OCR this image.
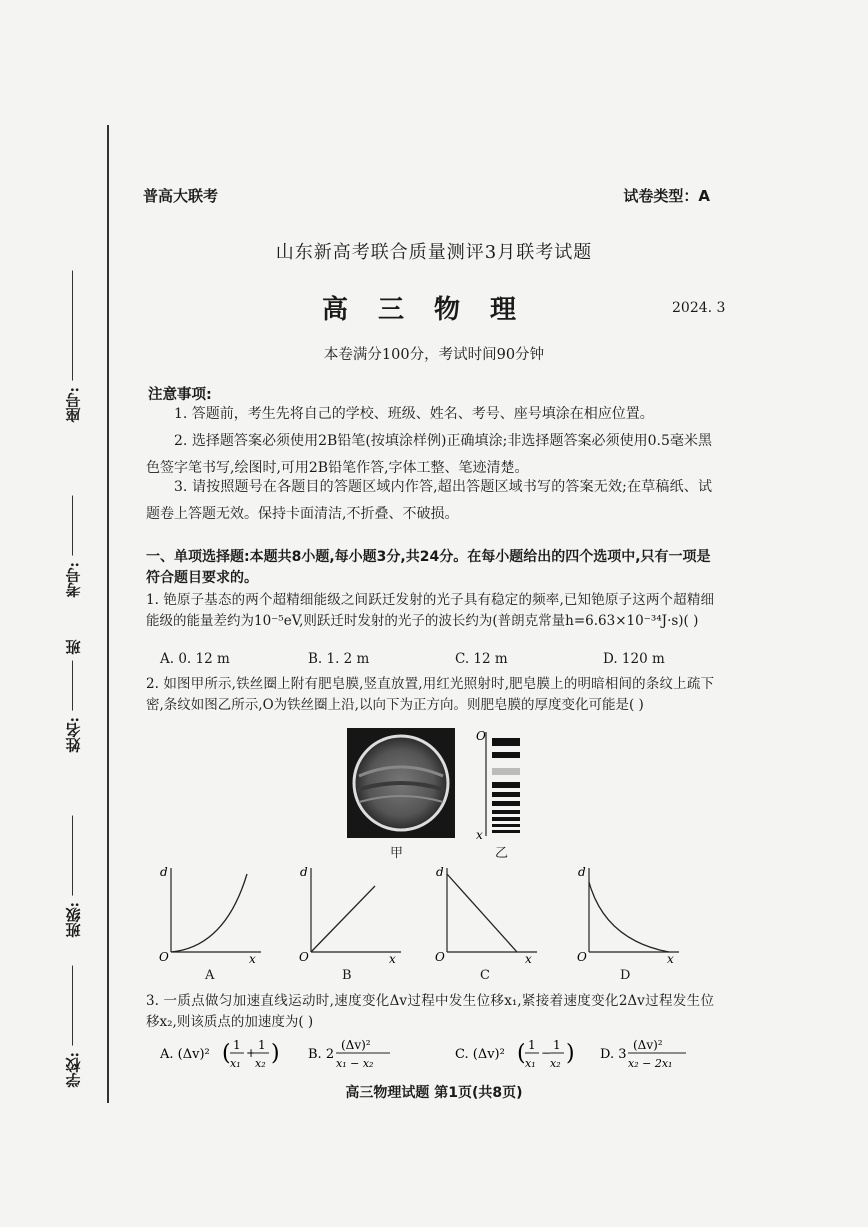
座号:
考号:
姓名:
班
班级:
学校:
普高大联考	试卷类型：A
山东新高考联合质量测评3月联考试题
高三物理	2024. 3
本卷满分100分，考试时间90分钟
注意事项:
1. 答题前，考生先将自己的学校、班级、姓名、考号、座号填涂在相应位置。
2. 选择题答案必须使用2B铅笔(按填涂样例)正确填涂;非选择题答案必须使用0.5毫米黑色签字笔书写,绘图时,可用2B铅笔作答,字体工整、笔迹清楚。
3. 请按照题号在各题目的答题区域内作答,超出答题区域书写的答案无效;在草稿纸、试题卷上答题无效。保持卡面清洁,不折叠、不破损。
一、单项选择题:本题共8小题,每小题3分,共24分。在每小题给出的四个选项中,只有一项是符合题目要求的。
1. 铯原子基态的两个超精细能级之间跃迁发射的光子具有稳定的频率,已知铯原子这两个超精细能级的能量差约为10⁻⁵eV,则跃迁时发射的光子的波长约为(普朗克常量h=6.63×10⁻³⁴J·s)( )
A. 0. 12 m	B. 1. 2 m	C. 12 m	D. 120 m
2. 如图甲所示,铁丝圈上附有肥皂膜,竖直放置,用红光照射时,肥皂膜上的明暗相间的条纹上疏下密,条纹如图乙所示,O为铁丝圈上沿,以向下为正方向。则肥皂膜的厚度变化可能是( )
甲
O
x
乙
d
x
O
A
d
x
O
B
d
x
O
C
d
x
O
D
3. 一质点做匀加速直线运动时,速度变化Δv过程中发生位移x₁,紧接着速度变化2Δv过程发生位移x₂,则该质点的加速度为( )
A. (Δv)² ( 1
x₁
+
1
x₂ ) B. 2
(Δv)²
x₁ − x₂
C. (Δv)² ( 1
x₁
−
1
x₂ ) D. 3
(Δv)²
x₂ − 2x₁
高三物理试题 第1页(共8页)
